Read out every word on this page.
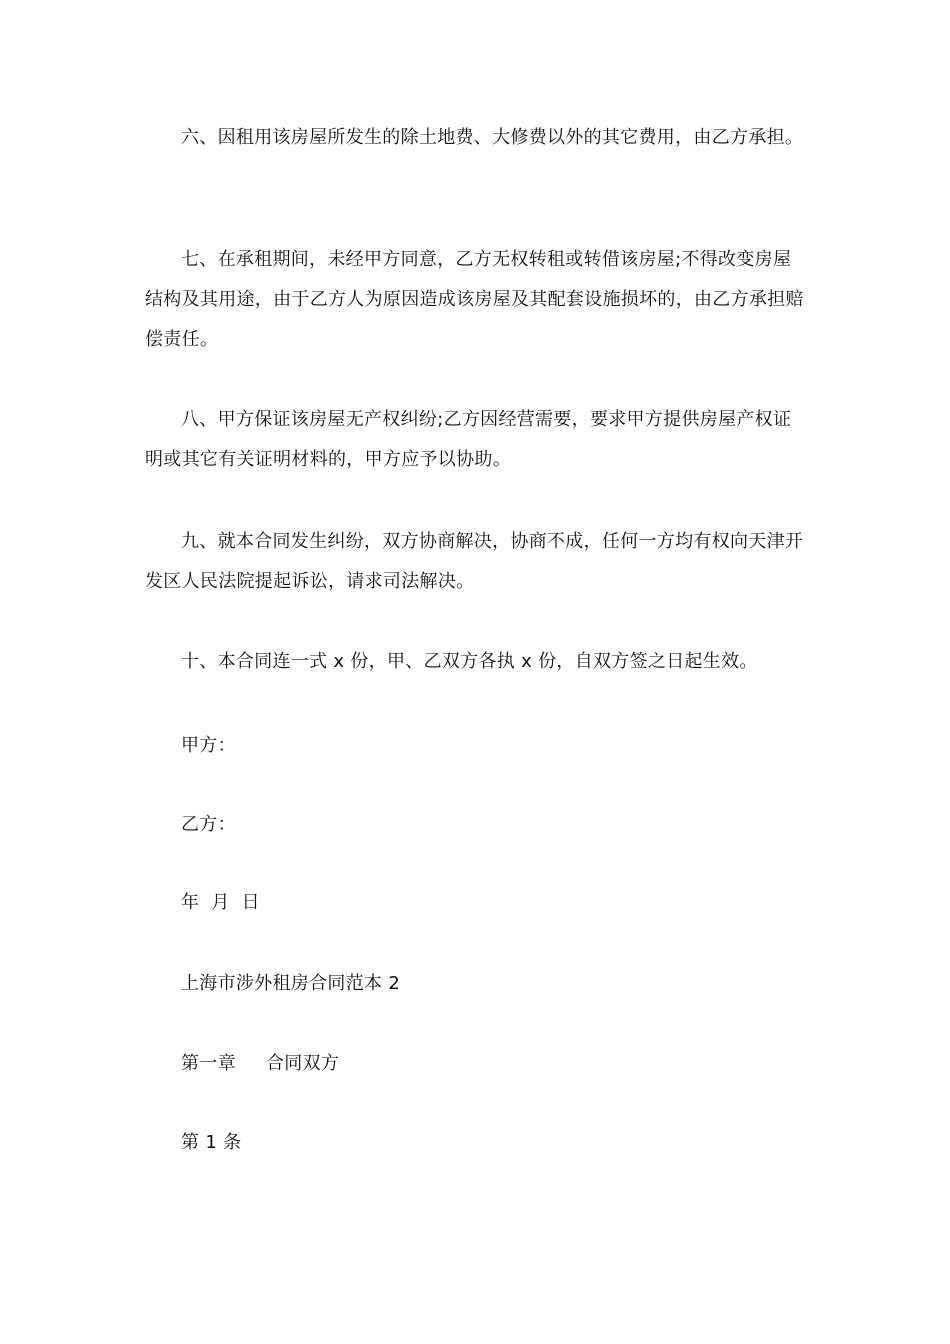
六、因租用该房屋所发生的除土地费、大修费以外的其它费用，由乙方承担。

七、在承租期间，未经甲方同意，乙方无权转租或转借该房屋;不得改变房屋结构及其用途，由于乙方人为原因造成该房屋及其配套设施损坏的，由乙方承担赔偿责任。

八、甲方保证该房屋无产权纠纷;乙方因经营需要，要求甲方提供房屋产权证明或其它有关证明材料的，甲方应予以协助。

九、就本合同发生纠纷，双方协商解决，协商不成，任何一方均有权向天津开发区人民法院提起诉讼，请求司法解决。

十、本合同连一式 x 份，甲、乙双方各执 x 份，自双方签之日起生效。

甲方：

乙方：

年  月  日

上海市涉外租房合同范本 2

第一章     合同双方

第 1 条
